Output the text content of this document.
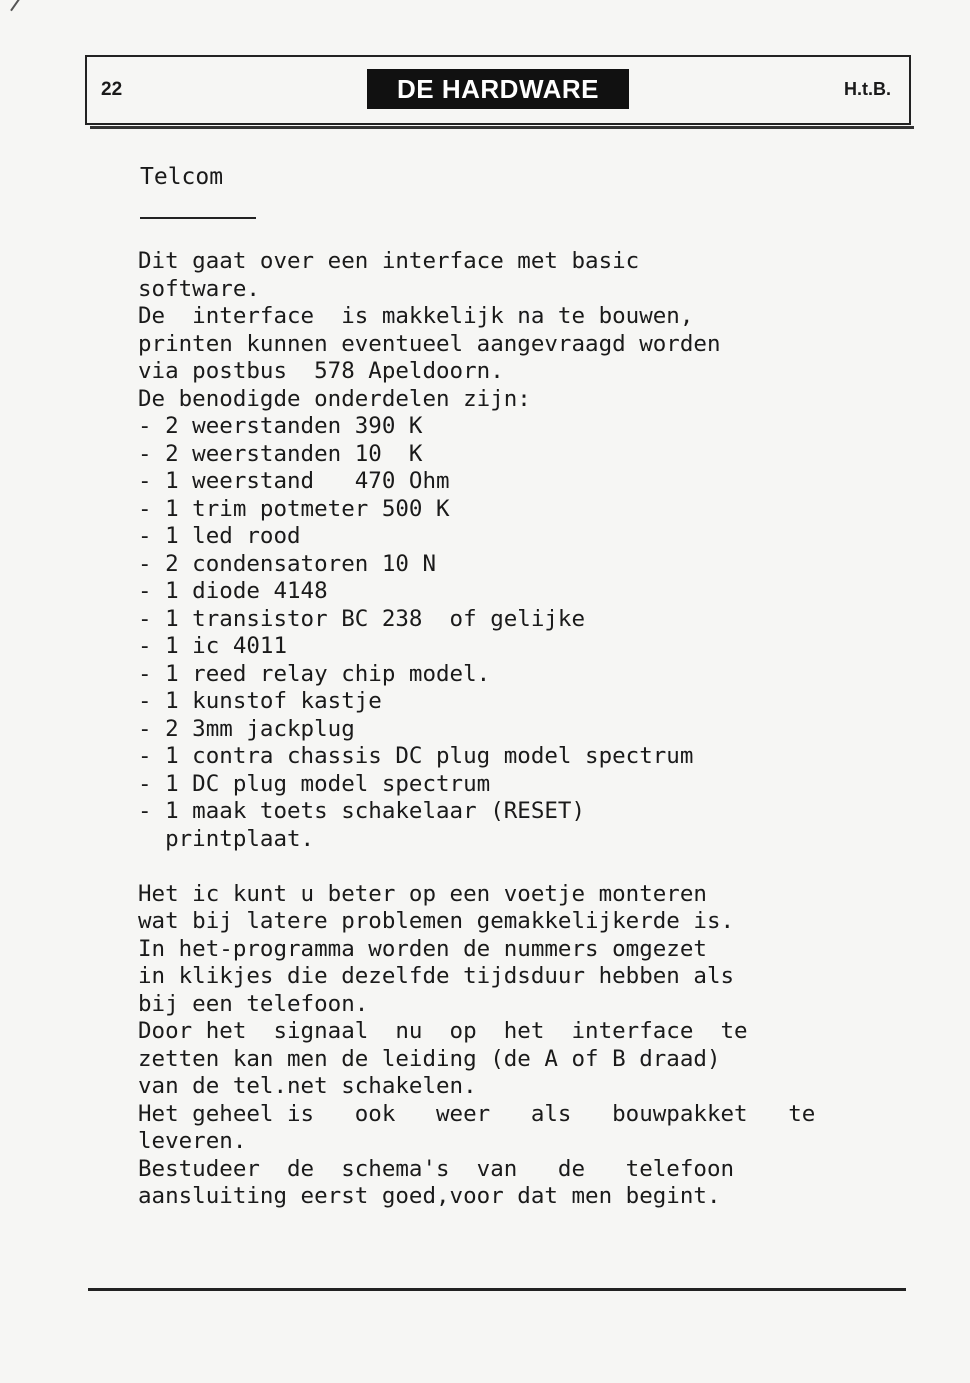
22	DE HARDWARE	H.t.B.
Telcom
Dit gaat over een interface met basic
software.
De  interface  is makkelijk na te bouwen,
printen kunnen eventueel aangevraagd worden
via postbus  578 Apeldoorn.
De benodigde onderdelen zijn:
- 2 weerstanden 390 K
- 2 weerstanden 10  K
- 1 weerstand   470 Ohm
- 1 trim potmeter 500 K
- 1 led rood
- 2 condensatoren 10 N
- 1 diode 4148
- 1 transistor BC 238  of gelijke
- 1 ic 4011
- 1 reed relay chip model.
- 1 kunstof kastje
- 2 3mm jackplug
- 1 contra chassis DC plug model spectrum
- 1 DC plug model spectrum
- 1 maak toets schakelaar (RESET)
printplaat.
Het ic kunt u beter op een voetje monteren
wat bij latere problemen gemakkelijkerde is.
In het-programma worden de nummers omgezet
in klikjes die dezelfde tijdsduur hebben als
bij een telefoon.
Door het  signaal  nu  op  het  interface  te
zetten kan men de leiding (de A of B draad)
van de tel.net schakelen.
Het geheel is   ook   weer   als   bouwpakket   te
leveren.
Bestudeer  de  schema's  van   de   telefoon
aansluiting eerst goed,voor dat men begint.
